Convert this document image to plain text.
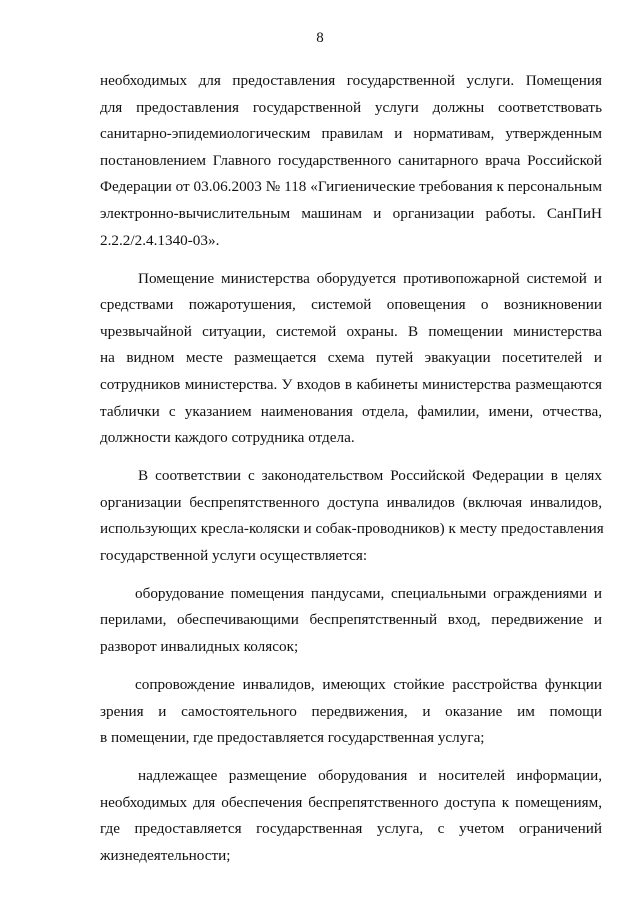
8
необходимых для предоставления государственной услуги. Помещения
для предоставления государственной услуги должны соответствовать
санитарно-эпидемиологическим правилам и нормативам, утвержденным
постановлением Главного государственного санитарного врача Российской
Федерации от 03.06.2003 № 118 «Гигиенические требования к персональным
электронно-вычислительным машинам и организации работы. СанПиН
2.2.2/2.4.1340-03».
Помещение министерства оборудуется противопожарной системой и
средствами пожаротушения, системой оповещения о возникновении
чрезвычайной ситуации, системой охраны. В помещении министерства
на видном месте размещается схема путей эвакуации посетителей и
сотрудников министерства. У входов в кабинеты министерства размещаются
таблички с указанием наименования отдела, фамилии, имени, отчества,
должности каждого сотрудника отдела.
В соответствии с законодательством Российской Федерации в целях
организации беспрепятственного доступа инвалидов (включая инвалидов,
использующих кресла-коляски и собак-проводников) к месту предоставления
государственной услуги осуществляется:
оборудование помещения пандусами, специальными ограждениями и
перилами, обеспечивающими беспрепятственный вход, передвижение и
разворот инвалидных колясок;
сопровождение инвалидов, имеющих стойкие расстройства функции
зрения и самостоятельного передвижения, и оказание им помощи
в помещении, где предоставляется государственная услуга;
надлежащее размещение оборудования и носителей информации,
необходимых для обеспечения беспрепятственного доступа к помещениям,
где предоставляется государственная услуга, с учетом ограничений
жизнедеятельности;
